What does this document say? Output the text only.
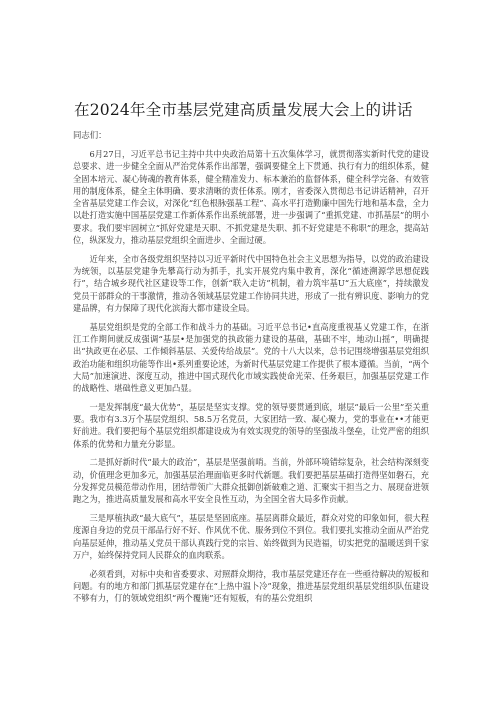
在2024年全市基层党建高质量发展大会上的讲话
同志们：

6月27日，习近平总书记主持中共中央政治局第十五次集体学习，就贯彻落实新时代党的建设总要求、进一步健全全面从严治党体系作出部署，强调要健全上下贯通、执行有力的组织体系，健全固本培元、凝心铸魂的教育体系，健全精准发力、标本兼治的监督体系，健全科学完备、有效管用的制度体系，健全主体明确、要求清晰的责任体系。刚才，省委深入贯彻总书记讲话精神，召开全省基层党建工作会议，对深化“红色根脉强基工程”、高水平打造勤廉中国先行地和基本盘，全力以赴打造实施中国基层党建工作新体系作出系统部署，进一步强调了“重抓党建、市抓基层”的明小要求。我们要牢固树立“抓好党建是天职、不抓党建是失职、抓不好党建是不称职”的理念，提高站位，纵深发力，推动基层党组织全面进步、全面过硬。

近年来，全市各级党组织坚持以习近平新时代中国特色社会主义思想为指导，以党的政治建设为统领，以基层党建争先攀高行动为抓手，扎实开展党内集中教育，深化“循迹溯源学思想促践行”，结合城乡现代社区建设等工作，创新“联入走访”机制，着力筑牢基U“五大底座”，持续激发党员干部群众的干事激情，推动各领域基层党建工作协同共进，形成了一批有辨识度、影响力的党建品牌，有力保障了现代化滨海大都市建设全局。

基层党组织是党的全部工作和战斗力的基础。习近平总书记•直高度重视基乂党建工作，在浙江工作期间就反成强调“基层•是加强党的执政能力建设的基础，基础不牢，地动山摇”，明确提出“执政更在必层、工作倾斜基层、关爱传给战层”。党的十八大以来，总书记围绕增强基层党组织政治功能和组织功能等作出•系列重要论述，为新时代基层党建工作提供了根本遵循。当前，“两个大局”加速演进、深度互动，推进中国式现代化市域实践使命光荣、任务艰巨，加强基层党建工作的战略性、堪础性意义更加凸显。

一是发挥制度“最大优势”，基层是坚实支撑。党的领导要贯通到底，堪层“最后一公里”至关重要。我市有3.3万个基层党组织、58.5万名党员，大家团结一致、凝心聚力，党的事业在••才能更好前进。我们要把每个基层党组织都建设成为有效实现党的领导的坚强战斗堡垒，让党严密的组织体系的优势和力量充分影显。

二是抓好新时代“最大的政治”，基层是坚强前哨。当前，外部环境错综复杂，社会结构深刻变动，价值理念更加多元，加强基层治理面临更多时代新题。我们要把基层基础打造得坚如磐石，充分发挥党员模范带动作用，团结带领广大群众抵御创新破难之道、汇聚实干担当之力、展现奋进领跑之为，推进高质量发展和高水平安全良性互动，为全国全省大局多作贡献。

三是厚植执政“最大底气”，基层是坚固底座。基层离群众最近，群众对党的印象如何，很大程度源自身边的党员干部品行好不好、作风优不优、服务到位不到位。我们要扎实推动全面从严治党向基层延伸，推动基乂党员干部认真践行党的宗旨、始终做到为民造福，切实把党的温暖送到千家万户，始终保持党同人民群众的血肉联系。

必须看到，对标中央和省委要求、对照群众期待，我市基层党建还存在一些亟待解决的短板和问题。有的地方和部门抓基层党建存在“上热中温卜冷”现象，推进基层党组织基层党组织队伍建设不够有力，仃的领域党组织“两个覆施”还有短板，有的基公党组织
